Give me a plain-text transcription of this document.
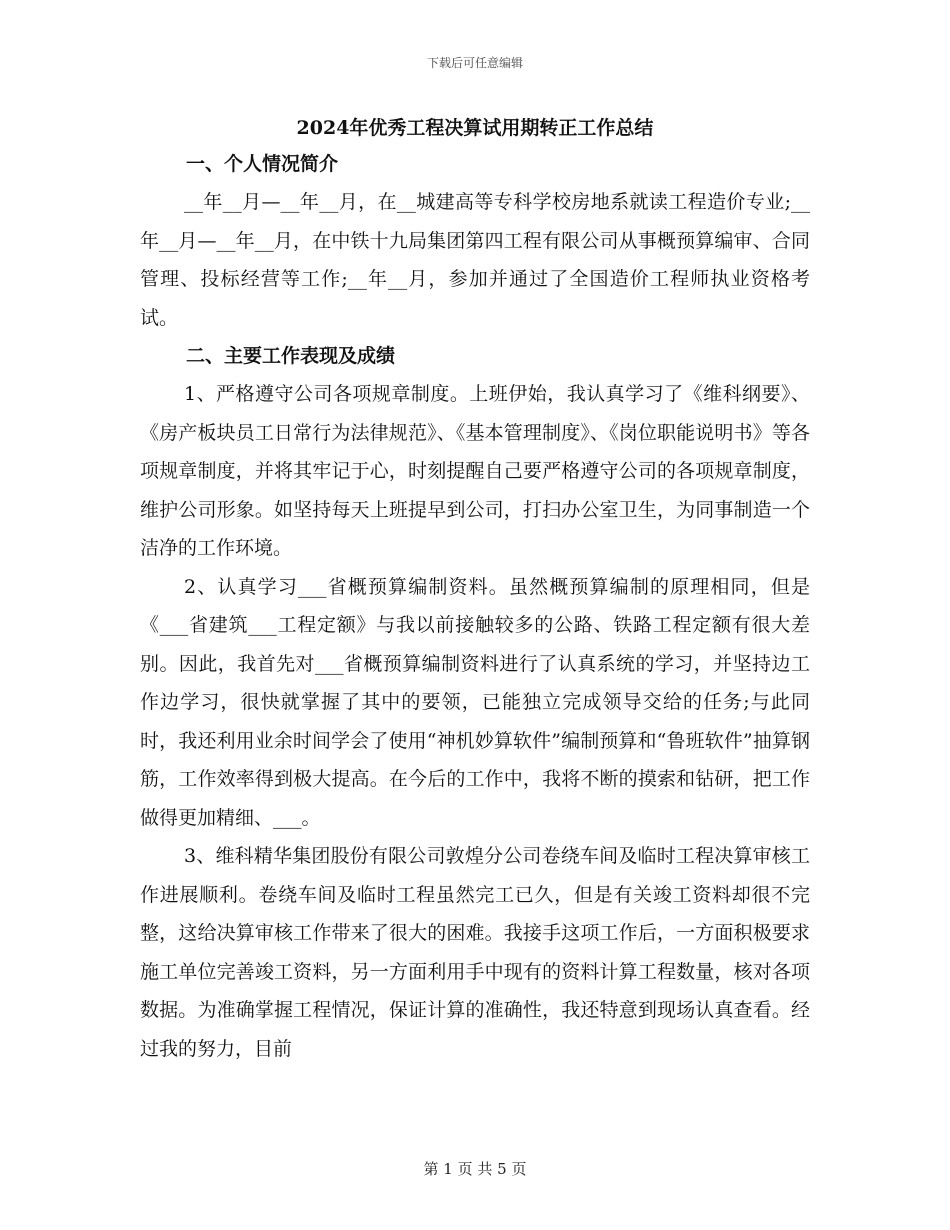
下载后可任意编辑
2024年优秀工程决算试用期转正工作总结

一、个人情况简介

__年__月—__年__月，在__城建高等专科学校房地系就读工程造价专业;__年__月—__年__月，在中铁十九局集团第四工程有限公司从事概预算编审、合同管理、投标经营等工作;__年__月，参加并通过了全国造价工程师执业资格考试。

二、主要工作表现及成绩

1、严格遵守公司各项规章制度。上班伊始，我认真学习了《维科纲要》、《房产板块员工日常行为法律规范》、《基本管理制度》、《岗位职能说明书》等各项规章制度，并将其牢记于心，时刻提醒自己要严格遵守公司的各项规章制度，维护公司形象。如坚持每天上班提早到公司，打扫办公室卫生，为同事制造一个洁净的工作环境。

2、认真学习___省概预算编制资料。虽然概预算编制的原理相同，但是《___省建筑___工程定额》与我以前接触较多的公路、铁路工程定额有很大差别。因此，我首先对___省概预算编制资料进行了认真系统的学习，并坚持边工作边学习，很快就掌握了其中的要领，已能独立完成领导交给的任务;与此同时，我还利用业余时间学会了使用“神机妙算软件”编制预算和“鲁班软件”抽算钢筋，工作效率得到极大提高。在今后的工作中，我将不断的摸索和钻研，把工作做得更加精细、___。

3、维科精华集团股份有限公司敦煌分公司卷绕车间及临时工程决算审核工作进展顺利。卷绕车间及临时工程虽然完工已久，但是有关竣工资料却很不完整，这给决算审核工作带来了很大的困难。我接手这项工作后，一方面积极要求施工单位完善竣工资料，另一方面利用手中现有的资料计算工程数量，核对各项数据。为准确掌握工程情况，保证计算的准确性，我还特意到现场认真查看。经过我的努力，目前

第 1 页 共 5 页
